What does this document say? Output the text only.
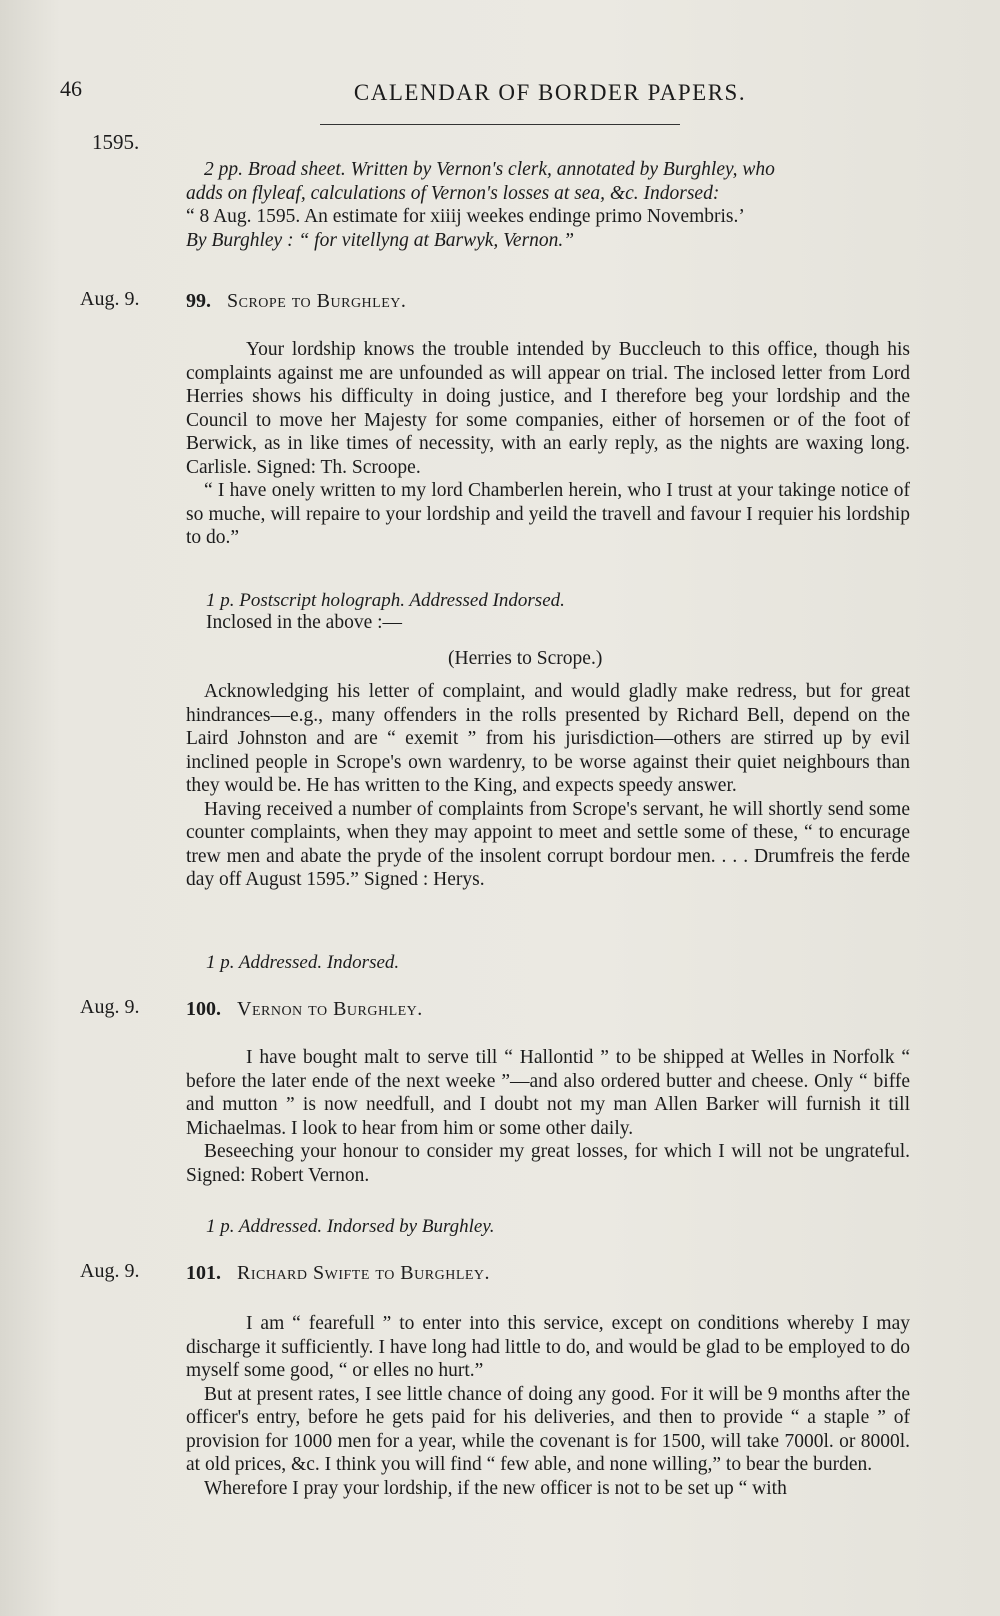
46	CALENDAR OF BORDER PAPERS.
1595.

2 pp. Broad sheet. Written by Vernon's clerk, annotated by Burghley, who

adds on flyleaf, calculations of Vernon's losses at sea, &c. Indorsed:

“ 8 Aug. 1595. An estimate for xiiij weekes endinge primo Novembris.’

By Burghley : “ for vitellyng at Barwyk, Vernon.”

Aug. 9. 99. Scrope to Burghley.

Your lordship knows the trouble intended by Buccleuch to this office, though his complaints against me are unfounded as will appear on trial. The inclosed letter from Lord Herries shows his difficulty in doing justice, and I therefore beg your lordship and the Council to move her Majesty for some companies, either of horsemen or of the foot of Berwick, as in like times of necessity, with an early reply, as the nights are waxing long. Carlisle. Signed: Th. Scroope.

“ I have onely written to my lord Chamberlen herein, who I trust at your takinge notice of so muche, will repaire to your lordship and yeild the travell and favour I requier his lordship to do.”

1 p. Postscript holograph. Addressed Indorsed.
Inclosed in the above :—
(Herries to Scrope.)

Acknowledging his letter of complaint, and would gladly make redress, but for great hindrances—e.g., many offenders in the rolls presented by Richard Bell, depend on the Laird Johnston and are “ exemit ” from his jurisdiction—others are stirred up by evil inclined people in Scrope's own wardenry, to be worse against their quiet neighbours than they would be. He has written to the King, and expects speedy answer.

Having received a number of complaints from Scrope's servant, he will shortly send some counter complaints, when they may appoint to meet and settle some of these, “ to encurage trew men and abate the pryde of the insolent corrupt bordour men. . . . Drumfreis the ferde day off August 1595.” Signed : Herys.

1 p. Addressed. Indorsed.
Aug. 9. 100. Vernon to Burghley.

I have bought malt to serve till “ Hallontid ” to be shipped at Welles in Norfolk “ before the later ende of the next weeke ”—and also ordered butter and cheese. Only “ biffe and mutton ” is now needfull, and I doubt not my man Allen Barker will furnish it till Michaelmas. I look to hear from him or some other daily.

Beseeching your honour to consider my great losses, for which I will not be ungrateful. Signed: Robert Vernon.

1 p. Addressed. Indorsed by Burghley.
Aug. 9. 101. Richard Swifte to Burghley.

I am “ fearefull ” to enter into this service, except on conditions whereby I may discharge it sufficiently. I have long had little to do, and would be glad to be employed to do myself some good, “ or elles no hurt.”

But at present rates, I see little chance of doing any good. For it will be 9 months after the officer's entry, before he gets paid for his deliveries, and then to provide “ a staple ” of provision for 1000 men for a year, while the covenant is for 1500, will take 7000l. or 8000l. at old prices, &c. I think you will find “ few able, and none willing,” to bear the burden.

Wherefore I pray your lordship, if the new officer is not to be set up “ with
